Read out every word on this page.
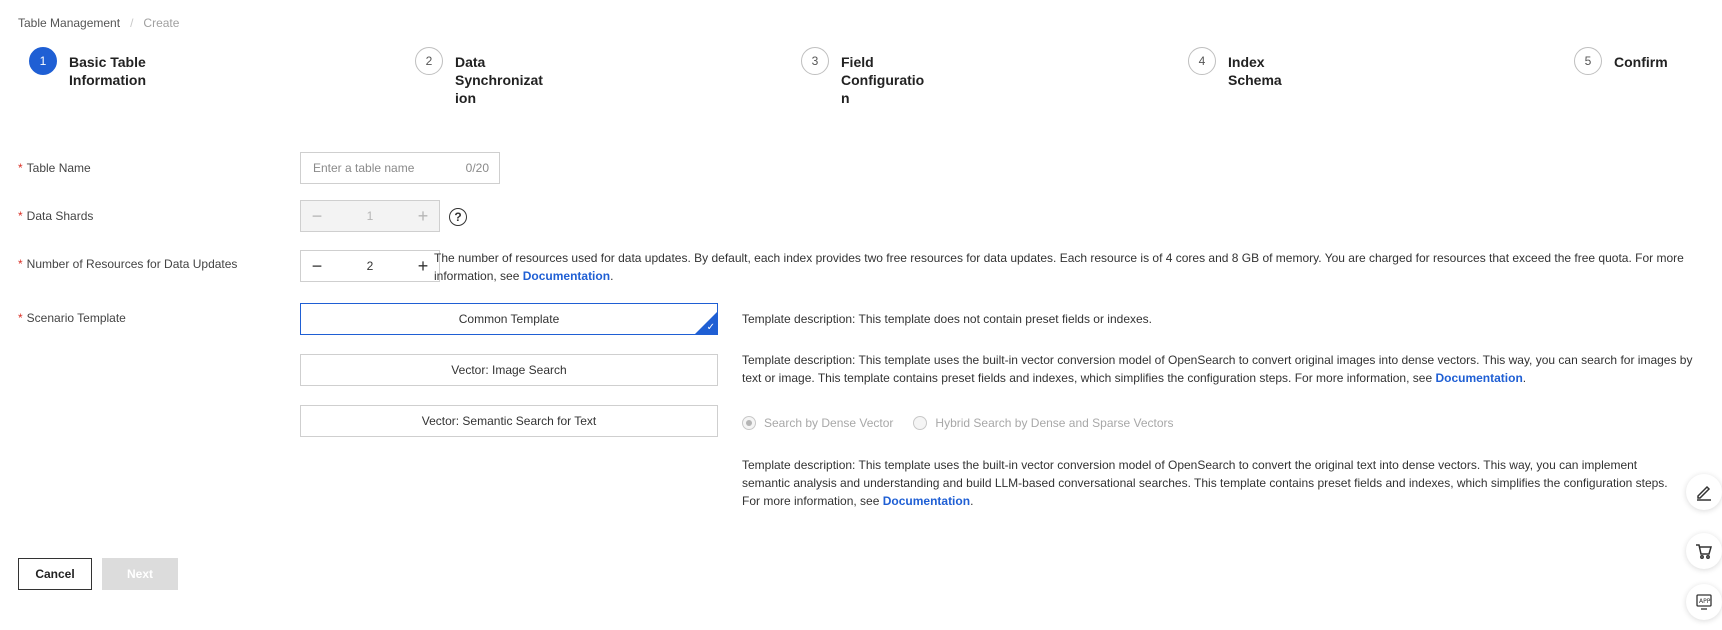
Table Management / Create
1	Basic Table Information
2	Data Synchronizat ion
3	Field Configuratio n
4	Index Schema
5	Confirm
* Table Name	Enter a table name	0/20
* Data Shards	−	1	+	?
* Number of Resources for Data Updates	−	2	+ The number of resources used for data updates. By default, each index provides two free resources for data updates. Each resource is of 4 cores and 8 GB of memory. You are charged for resources that exceed the free quota. For more information, see Documentation.
* Scenario Template	Common Template
✓
Template description: This template does not contain preset fields or indexes.
Vector: Image Search
Template description: This template uses the built-in vector conversion model of OpenSearch to convert original images into dense vectors. This way, you can search for images by text or image. This template contains preset fields and indexes, which simplifies the configuration steps. For more information, see Documentation.
Vector: Semantic Search for Text	Search by Dense Vector	Hybrid Search by Dense and Sparse Vectors
Template description: This template uses the built-in vector conversion model of OpenSearch to convert the original text into dense vectors. This way, you can implement semantic analysis and understanding and build LLM-based conversational searches. This template contains preset fields and indexes, which simplifies the configuration steps. For more information, see Documentation.
Cancel	Next
APP
